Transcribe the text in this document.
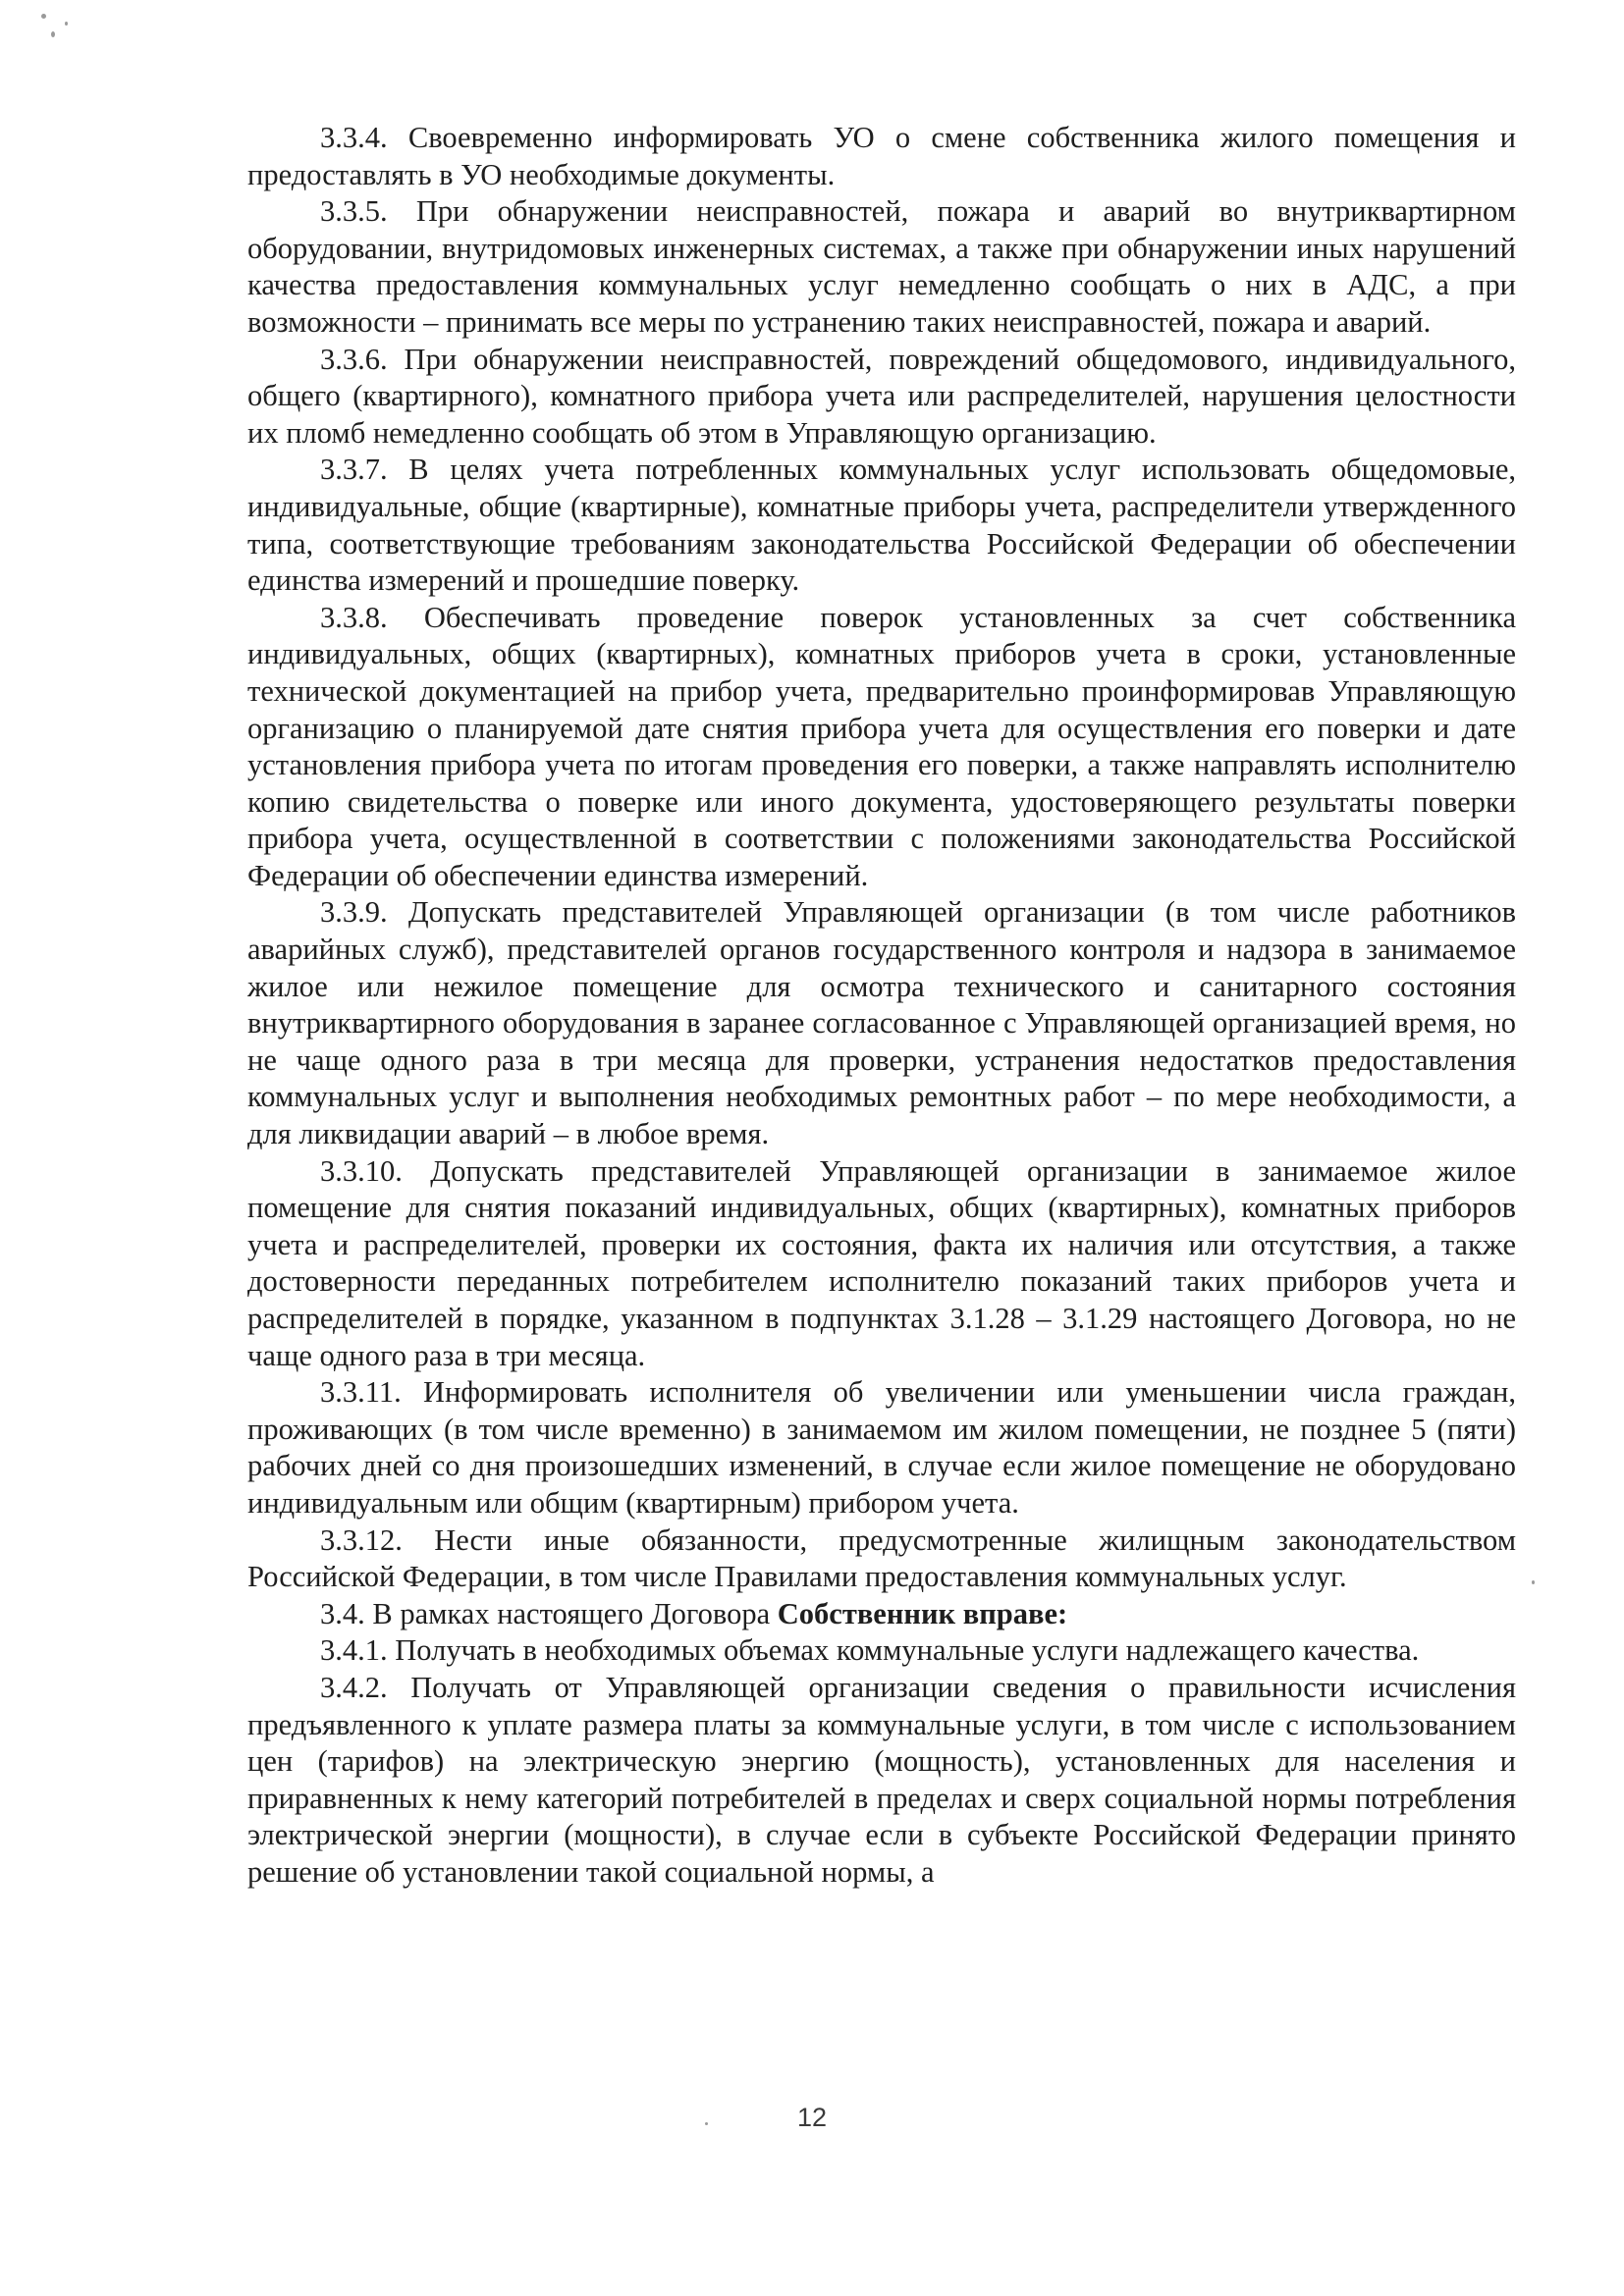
3.3.4. Своевременно информировать УО о смене собственника жилого помещения и предоставлять в УО необходимые документы.

3.3.5. При обнаружении неисправностей, пожара и аварий во внутриквартирном оборудовании, внутридомовых инженерных системах, а также при обнаружении иных нарушений качества предоставления коммунальных услуг немедленно сообщать о них в АДС, а при возможности – принимать все меры по устранению таких неисправностей, пожара и аварий.

3.3.6. При обнаружении неисправностей, повреждений общедомового, индивидуального, общего (квартирного), комнатного прибора учета или распределителей, нарушения целостности их пломб немедленно сообщать об этом в Управляющую организацию.

3.3.7. В целях учета потребленных коммунальных услуг использовать общедомовые, индивидуальные, общие (квартирные), комнатные приборы учета, распределители утвержденного типа, соответствующие требованиям законодательства Российской Федерации об обеспечении единства измерений и прошедшие поверку.

3.3.8. Обеспечивать проведение поверок установленных за счет собственника индивидуальных, общих (квартирных), комнатных приборов учета в сроки, установленные технической документацией на прибор учета, предварительно проинформировав Управляющую организацию о планируемой дате снятия прибора учета для осуществления его поверки и дате установления прибора учета по итогам проведения его поверки, а также направлять исполнителю копию свидетельства о поверке или иного документа, удостоверяющего результаты поверки прибора учета, осуществленной в соответствии с положениями законодательства Российской Федерации об обеспечении единства измерений.

3.3.9. Допускать представителей Управляющей организации (в том числе работников аварийных служб), представителей органов государственного контроля и надзора в занимаемое жилое или нежилое помещение для осмотра технического и санитарного состояния внутриквартирного оборудования в заранее согласованное с Управляющей организацией время, но не чаще одного раза в три месяца для проверки, устранения недостатков предоставления коммунальных услуг и выполнения необходимых ремонтных работ – по мере необходимости, а для ликвидации аварий – в любое время.

3.3.10. Допускать представителей Управляющей организации в занимаемое жилое помещение для снятия показаний индивидуальных, общих (квартирных), комнатных приборов учета и распределителей, проверки их состояния, факта их наличия или отсутствия, а также достоверности переданных потребителем исполнителю показаний таких приборов учета и распределителей в порядке, указанном в подпунктах 3.1.28 – 3.1.29 настоящего Договора, но не чаще одного раза в три месяца.

3.3.11. Информировать исполнителя об увеличении или уменьшении числа граждан, проживающих (в том числе временно) в занимаемом им жилом помещении, не позднее 5 (пяти) рабочих дней со дня произошедших изменений, в случае если жилое помещение не оборудовано индивидуальным или общим (квартирным) прибором учета.

3.3.12. Нести иные обязанности, предусмотренные жилищным законодательством Российской Федерации, в том числе Правилами предоставления коммунальных услуг.

3.4. В рамках настоящего Договора Собственник вправе:

3.4.1. Получать в необходимых объемах коммунальные услуги надлежащего качества.

3.4.2. Получать от Управляющей организации сведения о правильности исчисления предъявленного к уплате размера платы за коммунальные услуги, в том числе с использованием цен (тарифов) на электрическую энергию (мощность), установленных для населения и приравненных к нему категорий потребителей в пределах и сверх социальной нормы потребления электрической энергии (мощности), в случае если в субъекте Российской Федерации принято решение об установлении такой социальной нормы, а

12
